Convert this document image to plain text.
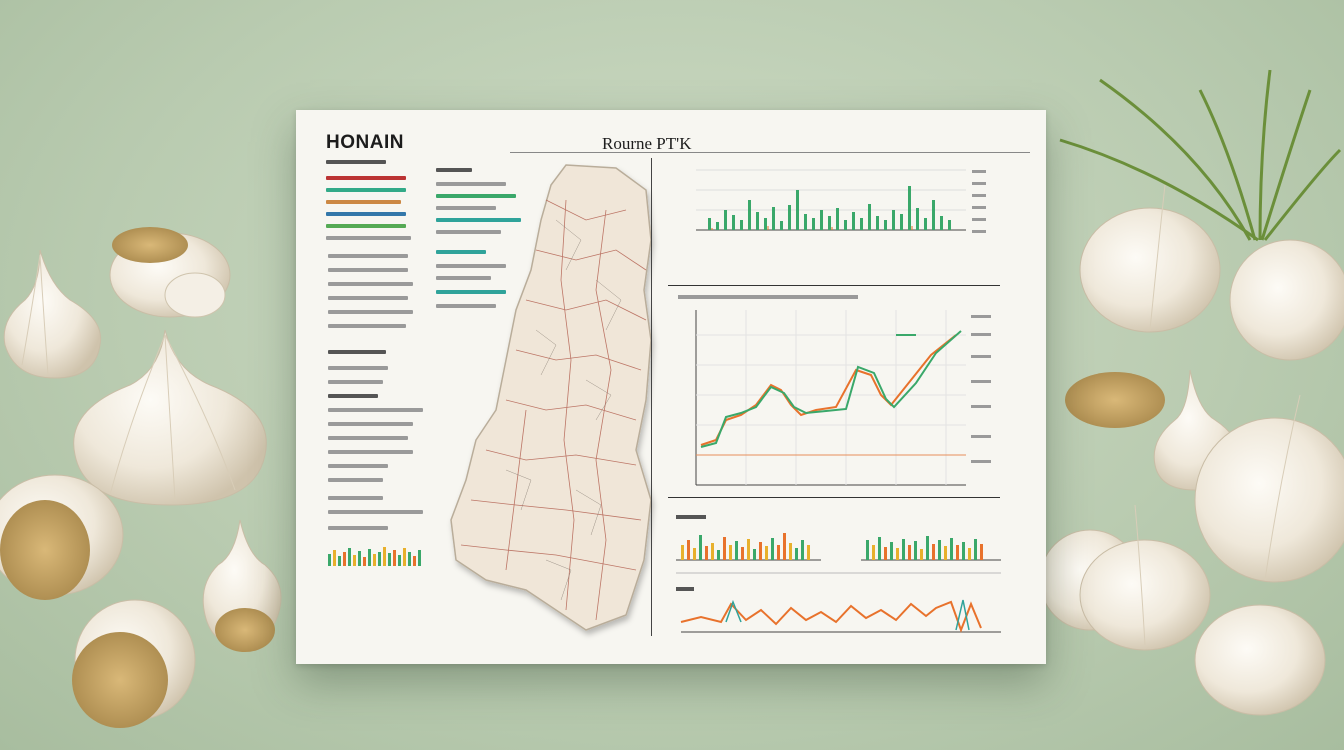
HONAIN	Rourne PT'K
